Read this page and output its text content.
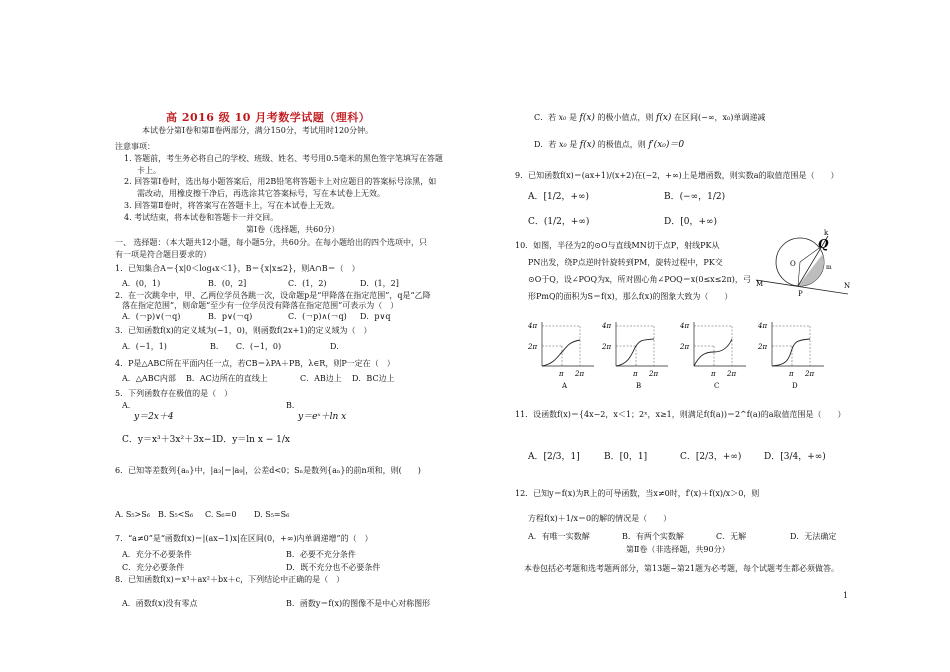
高 2016 级 10 月考数学试题（理科）
本试卷分第Ⅰ卷和第Ⅱ卷两部分，满分150分，考试用时120分钟。
注意事项：
1. 答题前，考生务必将自己的学校、班级、姓名、考号用0.5毫米的黑色签字笔填写在答题
卡上。
2. 回答第Ⅰ卷时，选出每小题答案后，用2B铅笔将答题卡上对应题目的答案标号涂黑，如
需改动，用橡皮擦干净后，再选涂其它答案标号，写在本试卷上无效。
3. 回答第Ⅱ卷时，将答案写在答题卡上，写在本试卷上无效。
4. 考试结束，将本试卷和答题卡一并交回。
第Ⅰ卷（选择题，共60分）
一、 选择题：（本大题共12小题，每小题5分，共60分。在每小题给出的四个选项中，只
有一项是符合题目要求的）
1．已知集合A＝{x|0＜log₄x＜1}，B＝{x|x≤2}，则A∩B＝（　）
A．(0，1)	B．(0，2]	C．(1，2)	D．(1，2]
2．在一次跳伞中，甲、乙两位学员各跳一次，设命题p是“甲降落在指定范围”，q是“乙降
落在指定范围”，则命题“至少有一位学员没有降落在指定范围”可表示为（　）
A．(￢p)∨(￢q)	B．p∨(￢q)	C．(￢p)∧(￢q) D．p∨q
3．已知函数f(x)的定义域为(−1，0)，则函数f(2x+1)的定义域为（　）
A．(−1，1)	B．　　C．(−1，0)	D．
4．P是△ABC所在平面内任一点，若CB＝λPA＋PB，λ∈R，则P一定在（　）
A．△ABC内部 B．AC边所在的直线上	C．AB边上 D．BC边上
5．下列函数存在极值的是（　）
A．
y＝2x＋4
B．
y＝eˣ＋ln x
C．y＝x³＋3x²＋3x−1
D．y＝ln x − 1/x
6．已知等差数列{aₙ}中，|a₃|＝|a₉|，公差d<0；Sₙ是数列{aₙ}的前n项和，则(　　)
A. S₅>S₆ B. S₅<S₆ C. S₆=0 D. S₅=S₆
7．“a≠0”是“函数f(x)＝|(ax−1)x|在区间(0，+∞)内单调递增”的（　）
A．充分不必要条件	B．必要不充分条件
C．充分必要条件	D．既不充分也不必要条件
8．已知函数f(x)＝x³＋ax²＋bx＋c，下列结论中正确的是（　）
A．函数f(x)没有零点	B．函数y＝f(x)的图像不是中心对称图形
C．若 x₀ 是 f(x) 的极小值点，则 f(x) 在区间(−∞，x₀)单调递减
D．若 x₀ 是 f(x) 的极值点，则 f′(x₀)＝0
9．已知函数f(x)＝(ax+1)/(x+2)在(−2，+∞)上是增函数，则实数a的取值范围是（　　）
A．[1/2，+∞)	B．(−∞，1/2)
C．(1/2，+∞)	D．[0，+∞)
10．如图，半径为2的⊙O与直线MN切于点P，射线PK从
PN出发，绕P点逆时针旋转到PM，旋转过程中，PK交
⊙O于Q，设∠POQ为x，所对圆心角∠POQ＝x(0≤x≤2π)，弓
形PmQ的面积为S＝f(x)，那么f(x)的图象大致为（　　）
k
Q
O	m
M	N
P
4π
2π
π 2π
A
4π
2π
π 2π
B
4π
2π
π 2π
C
4π
2π
π 2π
D
11．设函数f(x)＝{4x−2，x＜1；2ˣ，x≥1，则满足f(f(a))＝2^f(a)的a取值范围是（　　）
A．[2/3，1]	B．[0，1]	C．[2/3，+∞)	D．[3/4，+∞)
12．已知y＝f(x)为R上的可导函数，当x≠0时，f′(x)＋f(x)/x＞0，则
方程f(x)＋1/x＝0的解的情况是（　　）
A．有唯一实数解	B．有两个实数解	C．无解	D．无法确定
第Ⅱ卷（非选择题，共90分）
本卷包括必考题和选考题两部分，第13题~第21题为必考题，每个试题考生都必须做答。
1
